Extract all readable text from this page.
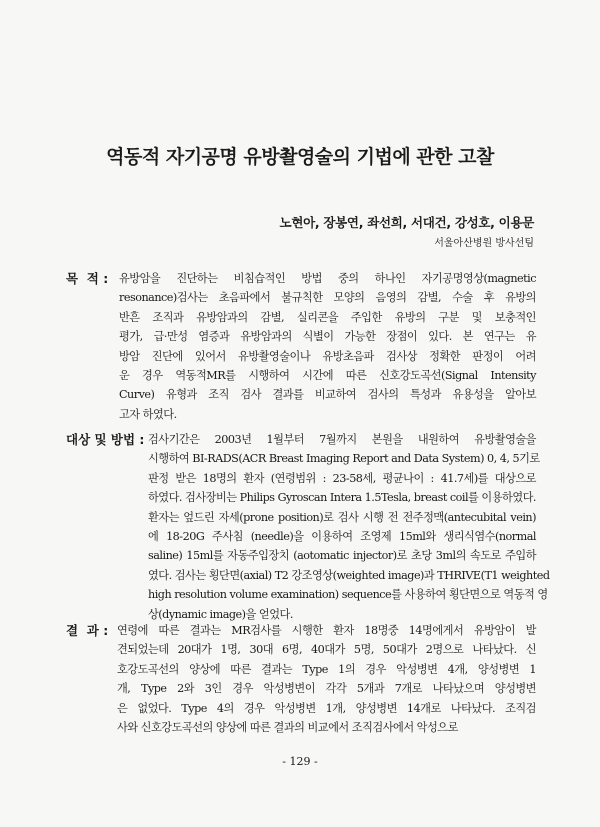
역동적 자기공명 유방촬영술의 기법에 관한 고찰
노현아, 장봉연, 좌선희, 서대건, 강성호, 이용문
서울아산병원 방사선팀
목  적 : 유방암을 진단하는 비침습적인 방법 중의 하나인 자기공명영상(magnetic
resonance)검사는 초음파에서 불규칙한 모양의 음영의 감별, 수술 후 유방의
반흔 조직과 유방암과의 감별, 실리콘을 주입한 유방의 구분 및 보충적인
평가, 급·만성 염증과 유방암과의 식별이 가능한 장점이 있다. 본 연구는 유
방암 진단에 있어서 유방촬영술이나 유방초음파 검사상 정확한 판정이 어려
운 경우 역동적MR를 시행하여 시간에 따른 신호강도곡선(Signal Intensity
Curve) 유형과 조직 검사 결과를 비교하여 검사의 특성과 유용성을 알아보
고자 하였다.
대상 및 방법 : 검사기간은 2003년 1월부터 7월까지 본원을 내원하여 유방촬영술을
시행하여 BI-RADS(ACR Breast Imaging Report and Data System) 0, 4, 5기로
판정 받은 18명의 환자 (연령범위 : 23-58세, 평균나이 : 41.7세)를 대상으로
하였다. 검사장비는 Philips Gyroscan Intera 1.5Tesla, breast coil를 이용하였다.
환자는 엎드린 자세(prone position)로 검사 시행 전 전주정맥(antecubital vein)
에 18-20G 주사침 (needle)을 이용하여 조영제 15ml와 생리식염수(normal
saline) 15ml를 자동주입장치 (aotomatic injector)로 초당 3ml의 속도로 주입하
였다. 검사는 횡단면(axial) T2 강조영상(weighted image)과 THRIVE(T1 weighted
high resolution volume examination) sequence를 사용하여 횡단면으로 역동적 영
상(dynamic image)을 얻었다.
결  과 : 연령에 따른 결과는 MR검사를 시행한 환자 18명중 14명에게서 유방암이 발
견되었는데 20대가 1명, 30대 6명, 40대가 5명, 50대가 2명으로 나타났다. 신
호강도곡선의 양상에 따른 결과는 Type 1의 경우 악성병변 4개, 양성병변 1
개, Type 2와 3인 경우 악성병변이 각각 5개과 7개로 나타났으며 양성병변
은 없었다. Type 4의 경우 악성병변 1개, 양성병변 14개로 나타났다. 조직검
사와 신호강도곡선의 양상에 따른 결과의 비교에서 조직검사에서 악성으로
- 129 -
